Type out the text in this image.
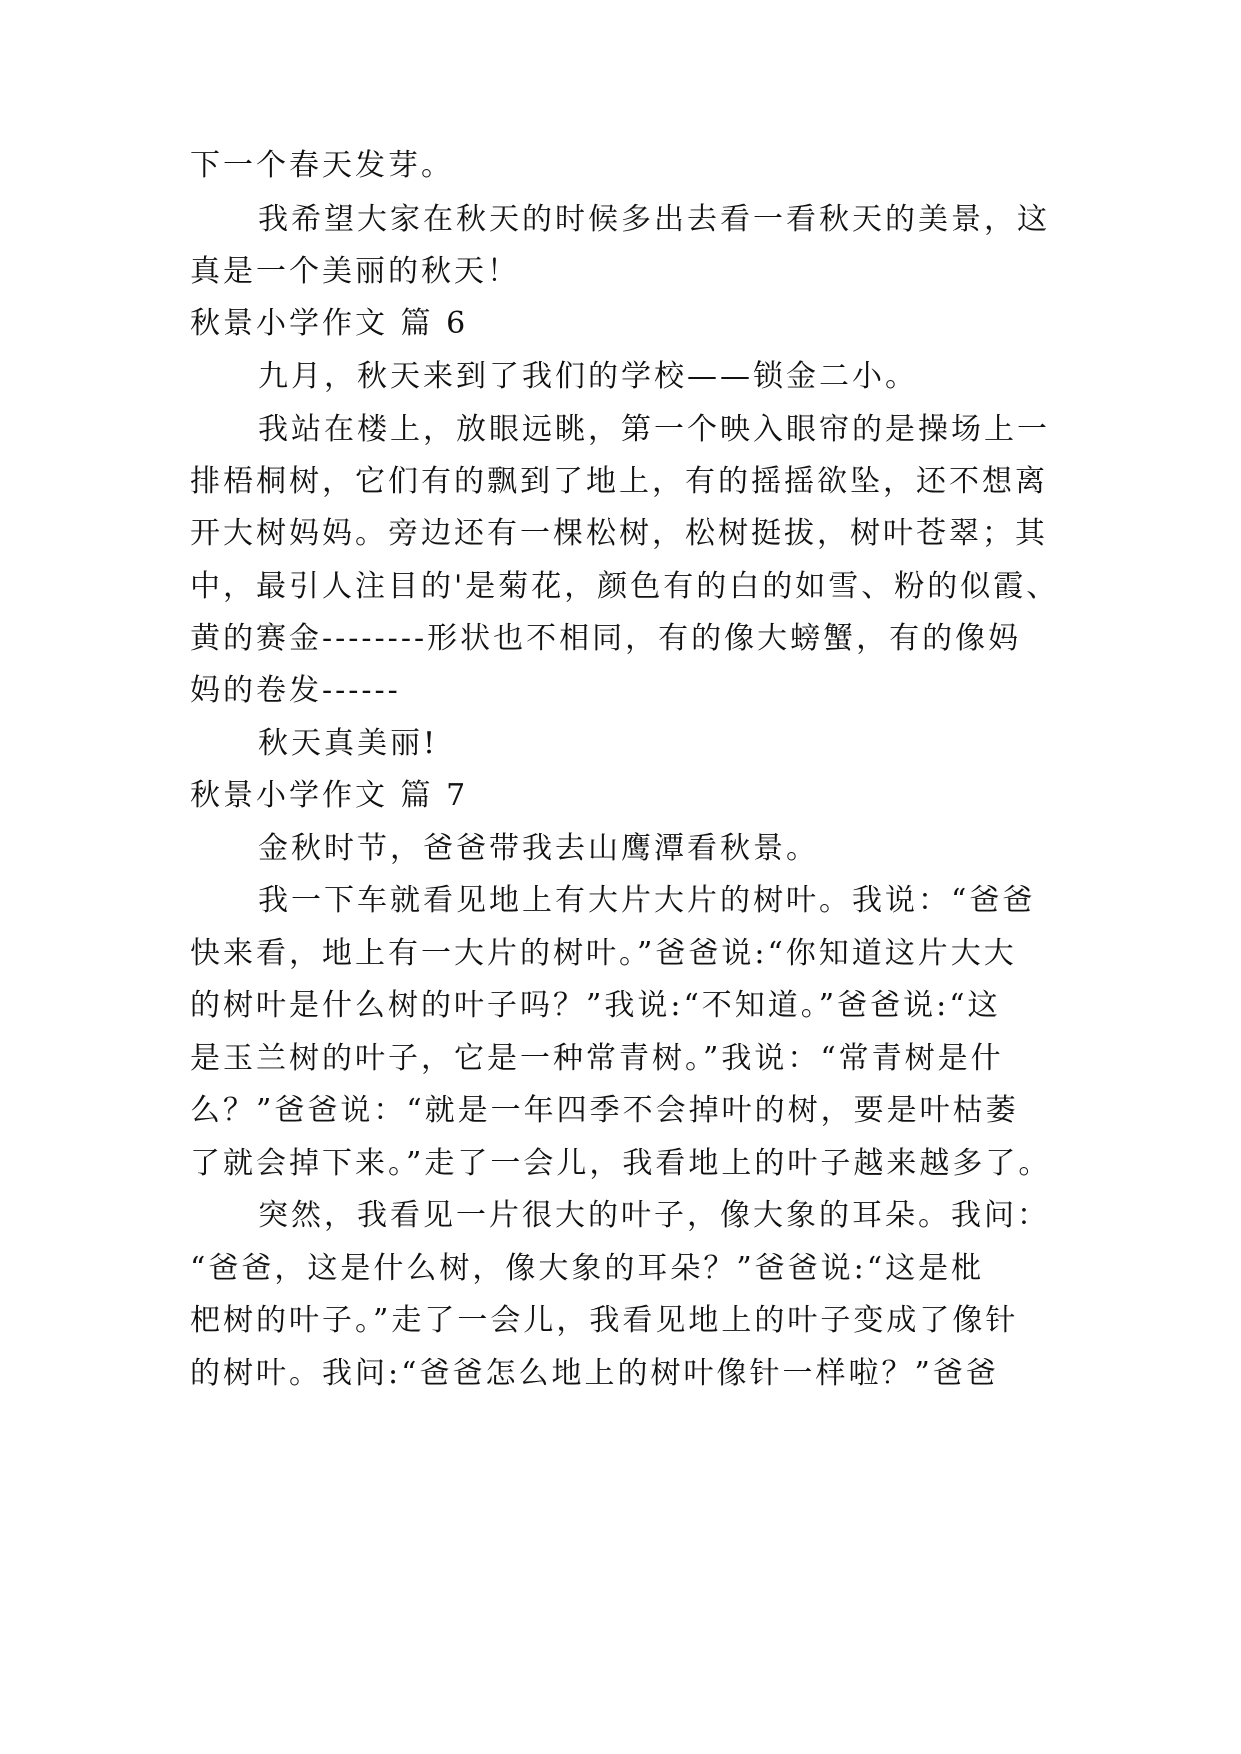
下一个春天发芽。
我希望大家在秋天的时候多出去看一看秋天的美景，这
真是一个美丽的秋天！
秋景小学作文 篇 6
九月，秋天来到了我们的学校——锁金二小。
我站在楼上，放眼远眺，第一个映入眼帘的是操场上一
排梧桐树，它们有的飘到了地上，有的摇摇欲坠，还不想离
开大树妈妈。旁边还有一棵松树，松树挺拔，树叶苍翠；其
中，最引人注目的'是菊花，颜色有的白的如雪、粉的似霞、
黄的赛金--------形状也不相同，有的像大螃蟹，有的像妈
妈的卷发------
秋天真美丽!
秋景小学作文 篇 7
金秋时节，爸爸带我去山鹰潭看秋景。
我一下车就看见地上有大片大片的树叶。我说：“爸爸
快来看，地上有一大片的树叶。”爸爸说:“你知道这片大大
的树叶是什么树的叶子吗？”我说:“不知道。”爸爸说:“这
是玉兰树的叶子，它是一种常青树。”我说：“常青树是什
么？”爸爸说：“就是一年四季不会掉叶的树，要是叶枯萎
了就会掉下来。”走了一会儿，我看地上的叶子越来越多了。
突然，我看见一片很大的叶子，像大象的耳朵。我问：
“爸爸，这是什么树，像大象的耳朵？”爸爸说:“这是枇
杷树的叶子。”走了一会儿，我看见地上的叶子变成了像针
的树叶。我问:“爸爸怎么地上的树叶像针一样啦？”爸爸
